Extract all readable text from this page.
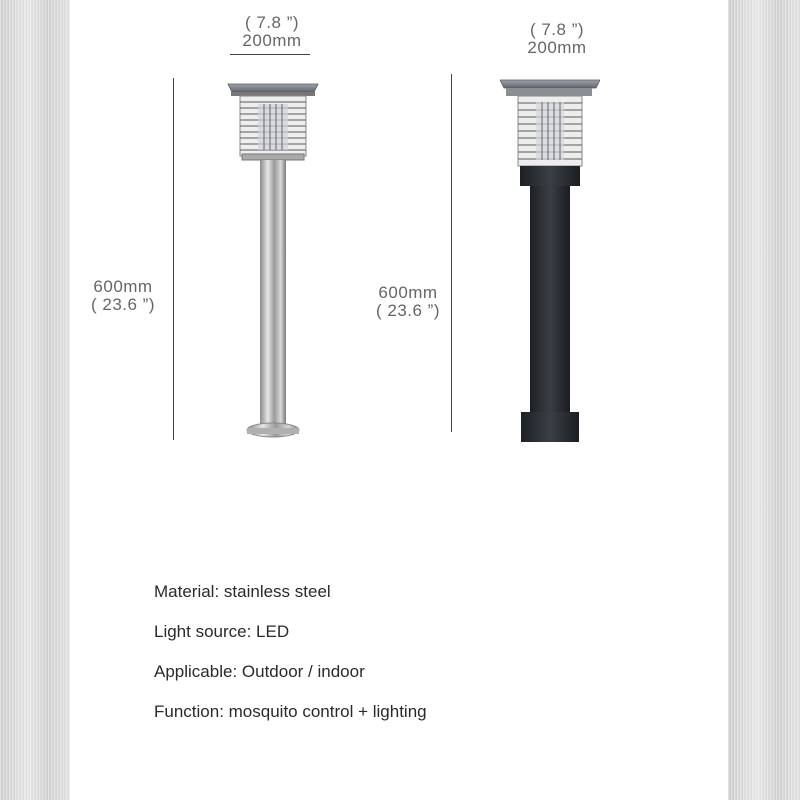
( 7.8 ”)
200mm
600mm
( 23.6 ”)
( 7.8 ”)
200mm
600mm
( 23.6 ”)
Material: stainless steel
Light source: LED
Applicable: Outdoor / indoor
Function: mosquito control + lighting
